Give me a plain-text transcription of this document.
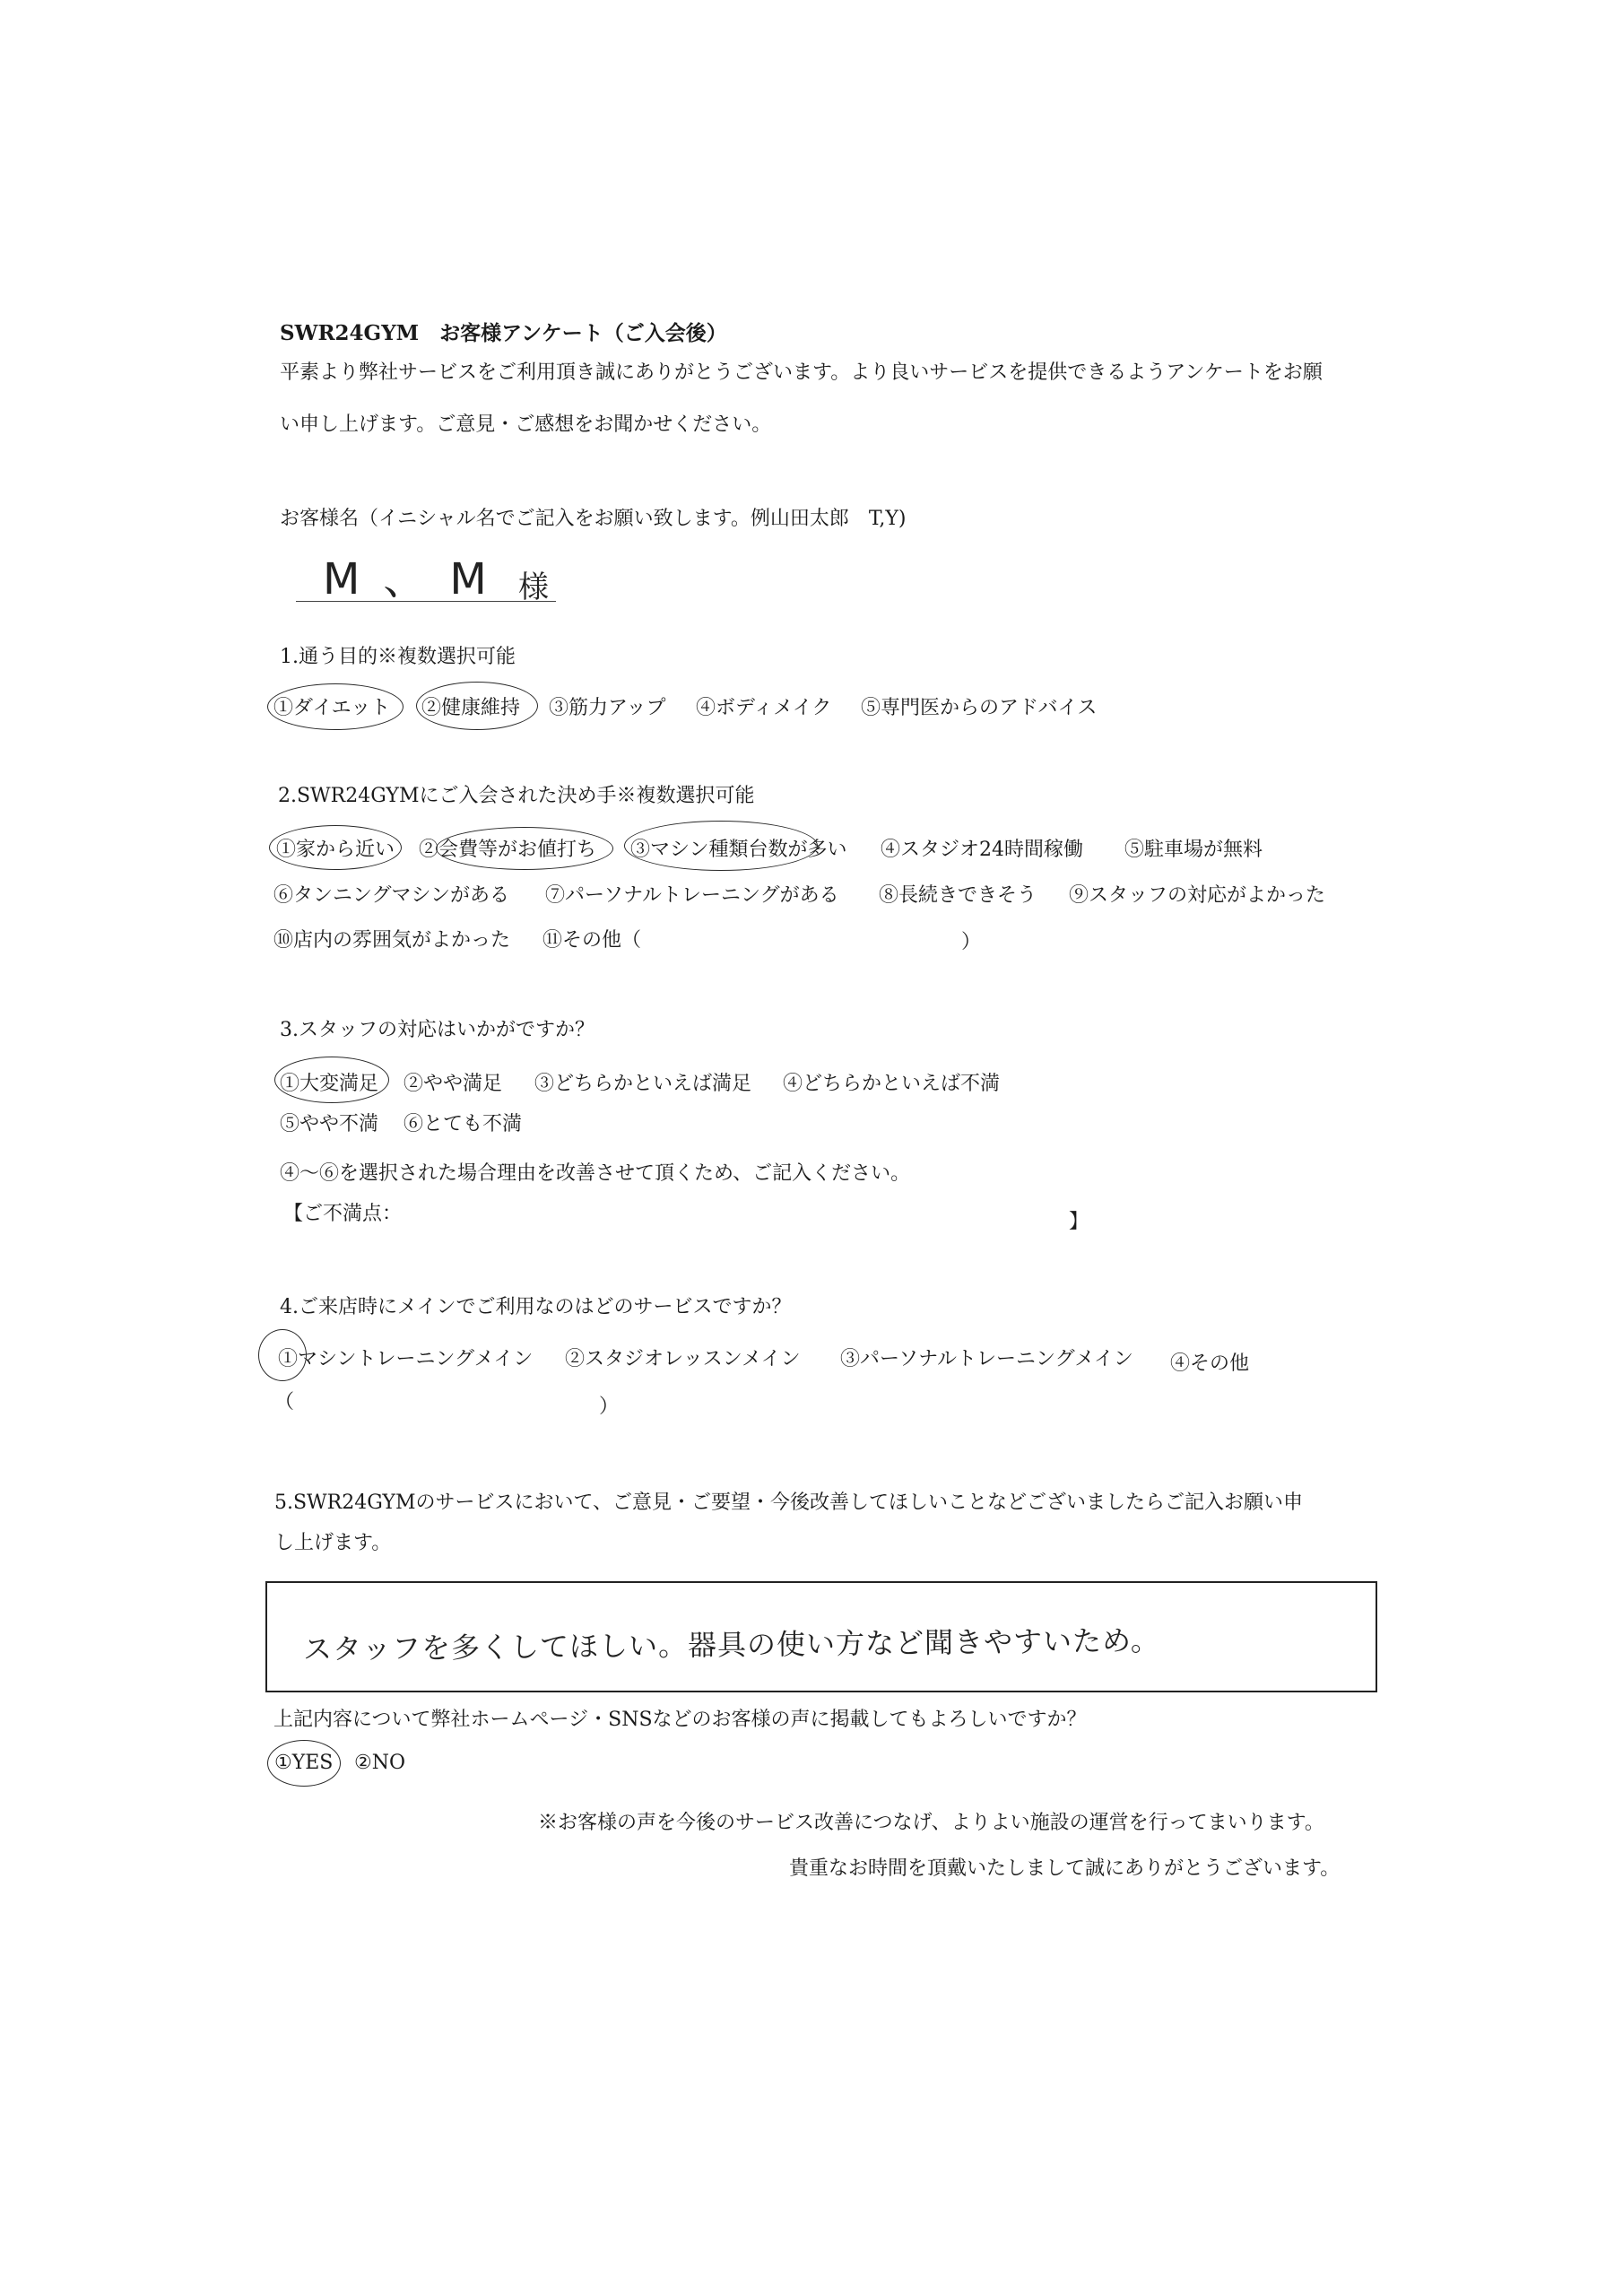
SWR24GYM　お客様アンケート（ご入会後）
平素より弊社サービスをご利用頂き誠にありがとうございます。より良いサービスを提供できるようアンケートをお願
い申し上げます。ご意見・ご感想をお聞かせください。
お客様名（イニシャル名でご記入をお願い致します。例山田太郎　T,Y)
M、M 様
1.通う目的※複数選択可能
①ダイエット ②健康維持 ③筋力アップ ④ボディメイク ⑤専門医からのアドバイス
2.SWR24GYMにご入会された決め手※複数選択可能
①家から近い ②会費等がお値打ち ③マシン種類台数が多い ④スタジオ24時間稼働 ⑤駐車場が無料
⑥タンニングマシンがある ⑦パーソナルトレーニングがある ⑧長続きできそう ⑨スタッフの対応がよかった
⑩店内の雰囲気がよかった ⑪その他（	）
3.スタッフの対応はいかがですか？
①大変満足 ②やや満足 ③どちらかといえば満足 ④どちらかといえば不満
⑤やや不満 ⑥とても不満
④～⑥を選択された場合理由を改善させて頂くため、ご記入ください。
【ご不満点：	】
4.ご来店時にメインでご利用なのはどのサービスですか？
①マシントレーニングメイン ②スタジオレッスンメイン ③パーソナルトレーニングメイン ④その他
（	）
5.SWR24GYMのサービスにおいて、ご意見・ご要望・今後改善してほしいことなどございましたらご記入お願い申
し上げます。
スタッフを多くしてほしい。器具の使い方など聞きやすいため。
上記内容について弊社ホームページ・SNSなどのお客様の声に掲載してもよろしいですか？
①YES ②NO
※お客様の声を今後のサービス改善につなげ、よりよい施設の運営を行ってまいります。
貴重なお時間を頂戴いたしまして誠にありがとうございます。
